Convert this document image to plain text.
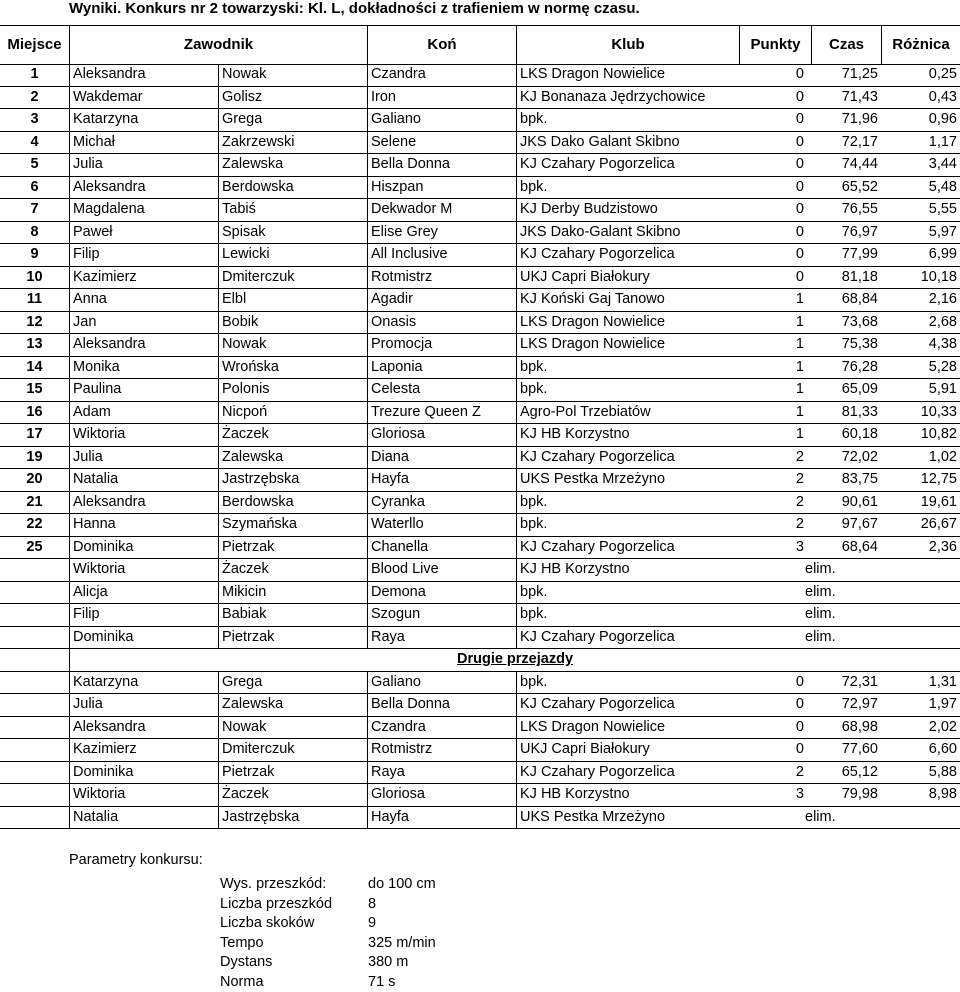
Wyniki. Konkurs nr 2 towarzyski: Kl. L, dokładności z trafieniem w normę czasu.
Miejsce	Zawodnik	Koń	Klub	Punkty	Czas	Różnica
1	Aleksandra	Nowak	Czandra	LKS Dragon Nowielice	0	71,25	0,25
2	Wakdemar	Golisz	Iron	KJ Bonanaza Jędrzychowice	0	71,43	0,43
3	Katarzyna	Grega	Galiano	bpk.	0	71,96	0,96
4	Michał	Zakrzewski	Selene	JKS Dako Galant Skibno	0	72,17	1,17
5	Julia	Zalewska	Bella Donna	KJ Czahary Pogorzelica	0	74,44	3,44
6	Aleksandra	Berdowska	Hiszpan	bpk.	0	65,52	5,48
7	Magdalena	Tabiś	Dekwador M	KJ Derby Budzistowo	0	76,55	5,55
8	Paweł	Spisak	Elise Grey	JKS Dako-Galant Skibno	0	76,97	5,97
9	Filip	Lewicki	All Inclusive	KJ Czahary Pogorzelica	0	77,99	6,99
10	Kazimierz	Dmiterczuk	Rotmistrz	UKJ Capri Białokury	0	81,18	10,18
11	Anna	Elbl	Agadir	KJ Koński Gaj Tanowo	1	68,84	2,16
12	Jan	Bobik	Onasis	LKS Dragon Nowielice	1	73,68	2,68
13	Aleksandra	Nowak	Promocja	LKS Dragon Nowielice	1	75,38	4,38
14	Monika	Wrońska	Laponia	bpk.	1	76,28	5,28
15	Paulina	Polonis	Celesta	bpk.	1	65,09	5,91
16	Adam	Nicpoń	Trezure Queen Z	Agro-Pol Trzebiatów	1	81,33	10,33
17	Wiktoria	Żaczek	Gloriosa	KJ HB Korzystno	1	60,18	10,82
19	Julia	Zalewska	Diana	KJ Czahary Pogorzelica	2	72,02	1,02
20	Natalia	Jastrzębska	Hayfa	UKS Pestka Mrzeżyno	2	83,75	12,75
21	Aleksandra	Berdowska	Cyranka	bpk.	2	90,61	19,61
22	Hanna	Szymańska	Waterllo	bpk.	2	97,67	26,67
25	Dominika	Pietrzak	Chanella	KJ Czahary Pogorzelica	3	68,64	2,36
Wiktoria	Żaczek	Blood Live	KJ HB Korzystno	elim.
Alicja	Mikicin	Demona	bpk.	elim.
Filip	Babiak	Szogun	bpk.	elim.
Dominika	Pietrzak	Raya	KJ Czahary Pogorzelica	elim.
Drugie przejazdy
Katarzyna	Grega	Galiano	bpk.	0	72,31	1,31
Julia	Zalewska	Bella Donna	KJ Czahary Pogorzelica	0	72,97	1,97
Aleksandra	Nowak	Czandra	LKS Dragon Nowielice	0	68,98	2,02
Kazimierz	Dmiterczuk	Rotmistrz	UKJ Capri Białokury	0	77,60	6,60
Dominika	Pietrzak	Raya	KJ Czahary Pogorzelica	2	65,12	5,88
Wiktoria	Żaczek	Gloriosa	KJ HB Korzystno	3	79,98	8,98
Natalia	Jastrzębska	Hayfa	UKS Pestka Mrzeżyno	elim.
Parametry konkursu:
Wys. przeszkód:	do 100 cm
Liczba przeszkód 8
Liczba skoków	9
Tempo	325 m/min
Dystans	380 m
Norma	71 s
